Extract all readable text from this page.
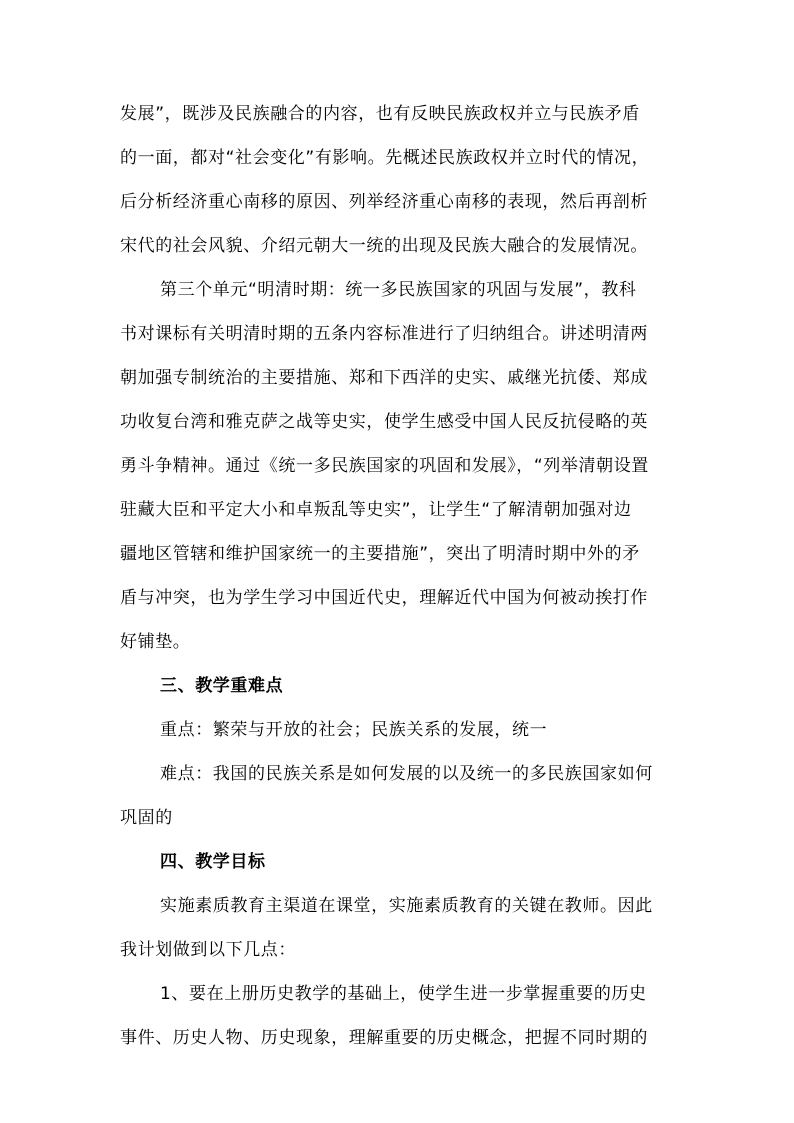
发展”，既涉及民族融合的内容，也有反映民族政权并立与民族矛盾
的一面，都对“社会变化”有影响。先概述民族政权并立时代的情况，
后分析经济重心南移的原因、列举经济重心南移的表现，然后再剖析
宋代的社会风貌、介绍元朝大一统的出现及民族大融合的发展情况。
第三个单元“明清时期：统一多民族国家的巩固与发展”，教科
书对课标有关明清时期的五条内容标准进行了归纳组合。讲述明清两
朝加强专制统治的主要措施、郑和下西洋的史实、戚继光抗倭、郑成
功收复台湾和雅克萨之战等史实，使学生感受中国人民反抗侵略的英
勇斗争精神。通过《统一多民族国家的巩固和发展》，“列举清朝设置
驻藏大臣和平定大小和卓叛乱等史实”，让学生“了解清朝加强对边
疆地区管辖和维护国家统一的主要措施”，突出了明清时期中外的矛
盾与冲突，也为学生学习中国近代史，理解近代中国为何被动挨打作
好铺垫。
三、教学重难点
重点：繁荣与开放的社会；民族关系的发展，统一
难点：我国的民族关系是如何发展的以及统一的多民族国家如何
巩固的
四、教学目标
实施素质教育主渠道在课堂，实施素质教育的关键在教师。因此
我计划做到以下几点：
1、要在上册历史教学的基础上，使学生进一步掌握重要的历史
事件、历史人物、历史现象，理解重要的历史概念，把握不同时期的
